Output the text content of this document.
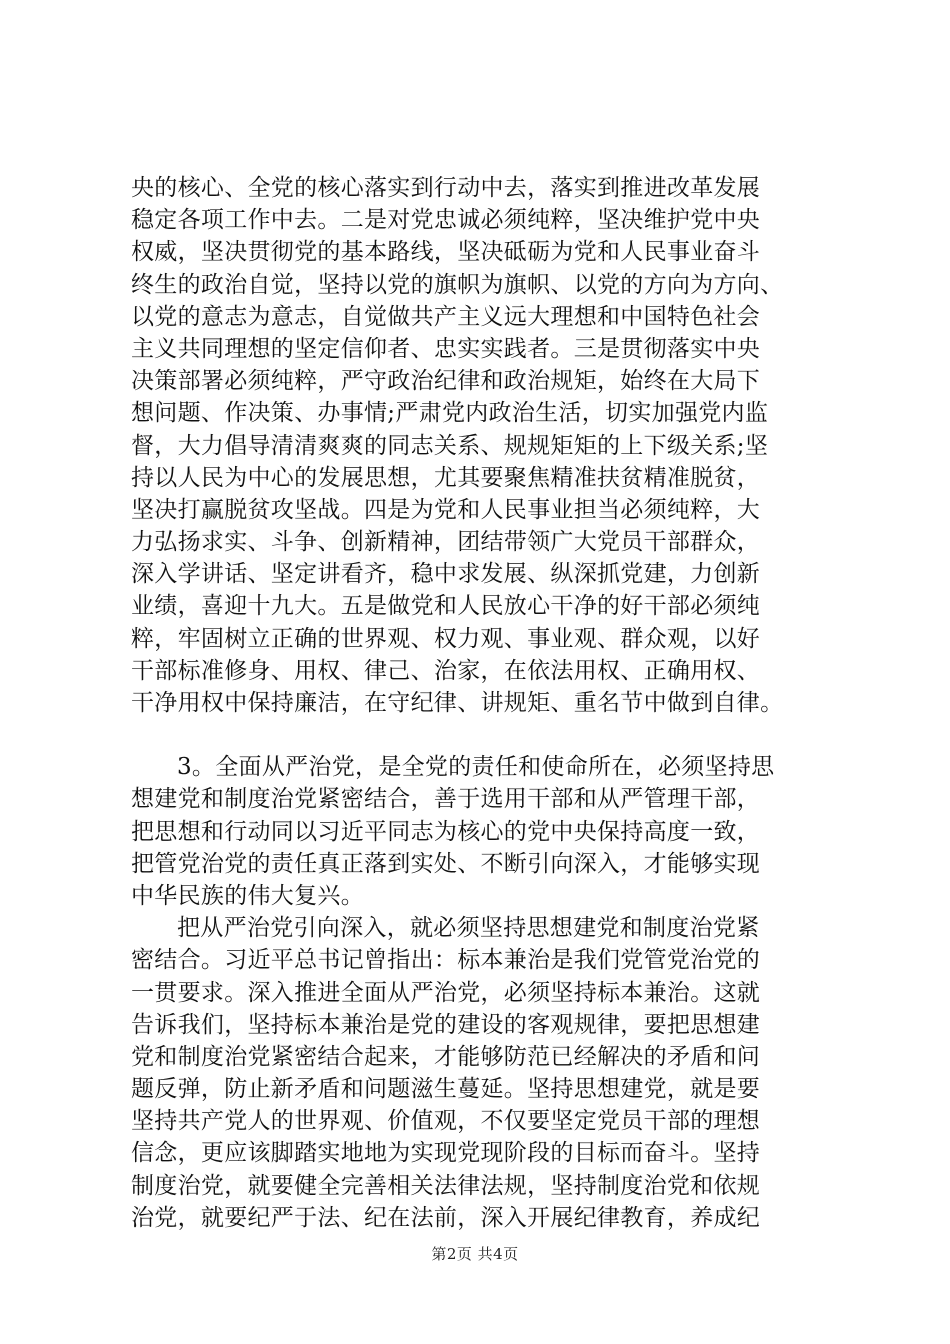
央的核心、全党的核心落实到行动中去，落实到推进改革发展
稳定各项工作中去。二是对党忠诚必须纯粹，坚决维护党中央
权威，坚决贯彻党的基本路线，坚决砥砺为党和人民事业奋斗
终生的政治自觉，坚持以党的旗帜为旗帜、以党的方向为方向、
以党的意志为意志，自觉做共产主义远大理想和中国特色社会
主义共同理想的坚定信仰者、忠实实践者。三是贯彻落实中央
决策部署必须纯粹，严守政治纪律和政治规矩，始终在大局下
想问题、作决策、办事情;严肃党内政治生活，切实加强党内监
督，大力倡导清清爽爽的同志关系、规规矩矩的上下级关系;坚
持以人民为中心的发展思想，尤其要聚焦精准扶贫精准脱贫，
坚决打赢脱贫攻坚战。四是为党和人民事业担当必须纯粹，大
力弘扬求实、斗争、创新精神，团结带领广大党员干部群众，
深入学讲话、坚定讲看齐，稳中求发展、纵深抓党建，力创新
业绩，喜迎十九大。五是做党和人民放心干净的好干部必须纯
粹，牢固树立正确的世界观、权力观、事业观、群众观，以好
干部标准修身、用权、律己、治家，在依法用权、正确用权、
干净用权中保持廉洁，在守纪律、讲规矩、重名节中做到自律。
3。全面从严治党，是全党的责任和使命所在，必须坚持思
想建党和制度治党紧密结合，善于选用干部和从严管理干部，
把思想和行动同以习近平同志为核心的党中央保持高度一致，
把管党治党的责任真正落到实处、不断引向深入，才能够实现
中华民族的伟大复兴。
把从严治党引向深入，就必须坚持思想建党和制度治党紧
密结合。习近平总书记曾指出：标本兼治是我们党管党治党的
一贯要求。深入推进全面从严治党，必须坚持标本兼治。这就
告诉我们，坚持标本兼治是党的建设的客观规律，要把思想建
党和制度治党紧密结合起来，才能够防范已经解决的矛盾和问
题反弹，防止新矛盾和问题滋生蔓延。坚持思想建党，就是要
坚持共产党人的世界观、价值观，不仅要坚定党员干部的理想
信念，更应该脚踏实地地为实现党现阶段的目标而奋斗。坚持
制度治党，就要健全完善相关法律法规，坚持制度治党和依规
治党，就要纪严于法、纪在法前，深入开展纪律教育，养成纪
第2页 共4页
